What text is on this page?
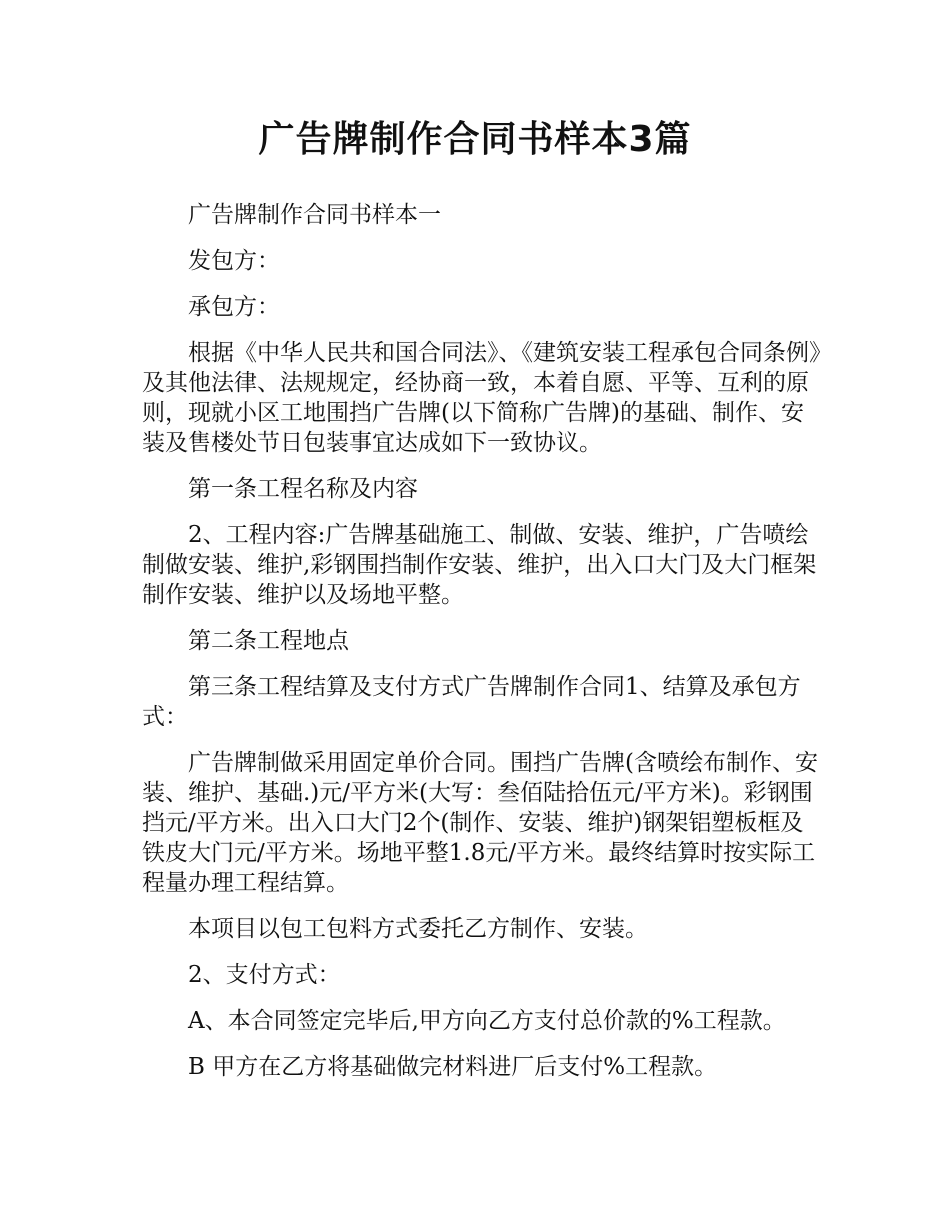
广告牌制作合同书样本3篇

广告牌制作合同书样本一

发包方：

承包方：

根据《中华人民共和国合同法》、《建筑安装工程承包合同条例》及其他法律、法规规定，经协商一致，本着自愿、平等、互利的原则，现就小区工地围挡广告牌(以下简称广告牌)的基础、制作、安装及售楼处节日包装事宜达成如下一致协议。

第一条工程名称及内容

2、工程内容:广告牌基础施工、制做、安装、维护，广告喷绘制做安装、维护,彩钢围挡制作安装、维护，出入口大门及大门框架制作安装、维护以及场地平整。

第二条工程地点

第三条工程结算及支付方式广告牌制作合同1、结算及承包方式：

广告牌制做采用固定单价合同。围挡广告牌(含喷绘布制作、安装、维护、基础.)元/平方米(大写：叁佰陆拾伍元/平方米)。彩钢围挡元/平方米。出入口大门2个(制作、安装、维护)钢架铝塑板框及铁皮大门元/平方米。场地平整1.8元/平方米。最终结算时按实际工程量办理工程结算。

本项目以包工包料方式委托乙方制作、安装。

2、支付方式：

A、本合同签定完毕后,甲方向乙方支付总价款的%工程款。

B 甲方在乙方将基础做完材料进厂后支付%工程款。
